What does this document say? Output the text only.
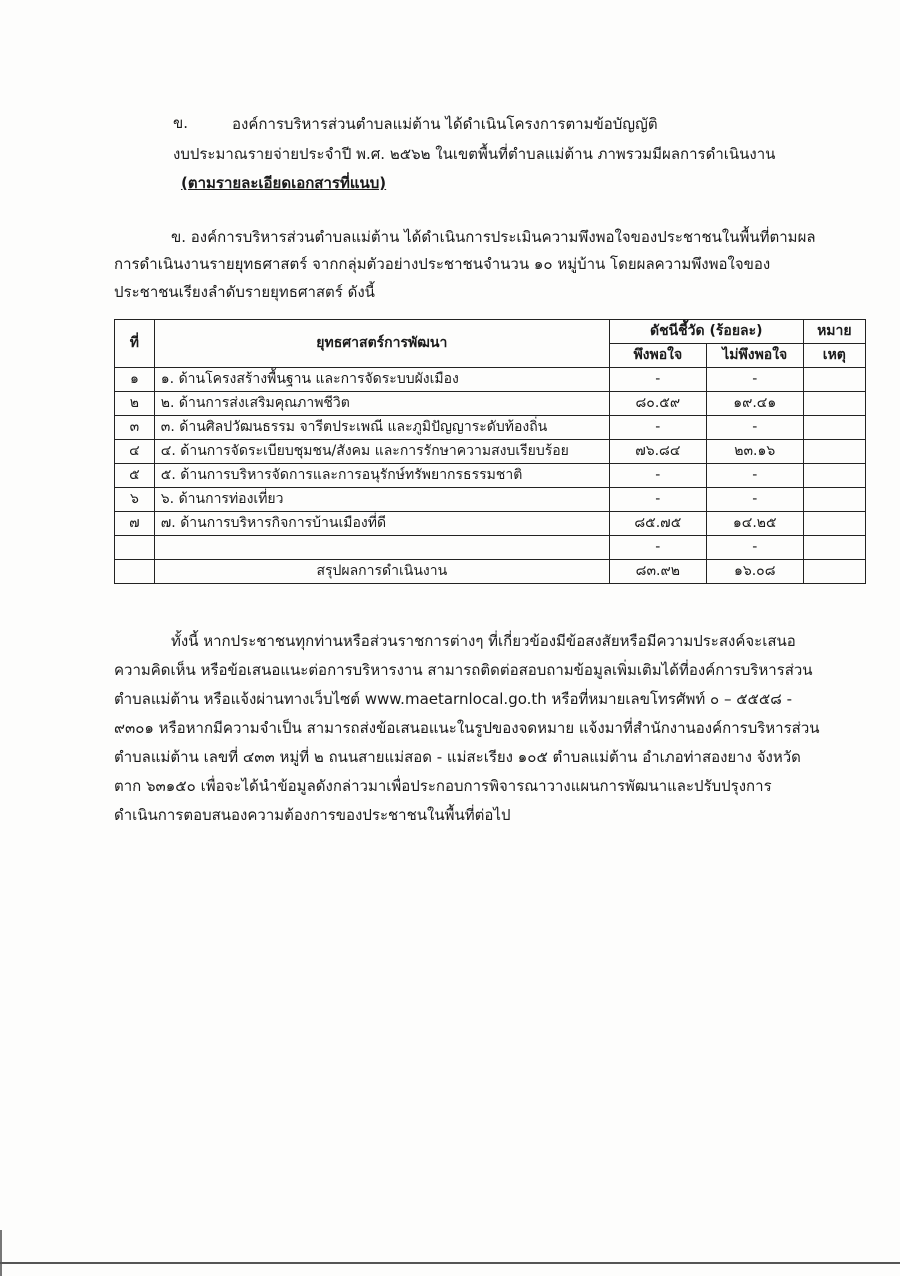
ข.	องค์การบริหารส่วนตำบลแม่ต้าน ได้ดำเนินโครงการตามข้อบัญญัติ
งบประมาณรายจ่ายประจำปี พ.ศ. ๒๕๖๒ ในเขตพื้นที่ตำบลแม่ต้าน ภาพรวมมีผลการดำเนินงาน
(ตามรายละเอียดเอกสารที่แนบ)
ข. องค์การบริหารส่วนตำบลแม่ต้าน ได้ดำเนินการประเมินความพึงพอใจของประชาชนในพื้นที่ตามผล
การดำเนินงานรายยุทธศาสตร์ จากกลุ่มตัวอย่างประชาชนจำนวน ๑๐ หมู่บ้าน โดยผลความพึงพอใจของ
ประชาชนเรียงลำดับรายยุทธศาสตร์ ดังนี้
ที่	ยุทธศาสตร์การพัฒนา	ดัชนีชี้วัด (ร้อยละ)		หมาย
		พึงพอใจ	ไม่พึงพอใจ	เหตุ
๑	๑. ด้านโครงสร้างพื้นฐาน และการจัดระบบผังเมือง	-	-	
๒	๒. ด้านการส่งเสริมคุณภาพชีวิต	๘๐.๕๙	๑๙.๔๑	
๓	๓. ด้านศิลปวัฒนธรรม จารีตประเพณี และภูมิปัญญาระดับท้องถิ่น	-	-	
๔	๔. ด้านการจัดระเบียบชุมชน/สังคม และการรักษาความสงบเรียบร้อย	๗๖.๘๔	๒๓.๑๖	
๕	๕. ด้านการบริหารจัดการและการอนุรักษ์ทรัพยากรธรรมชาติ	-	-	
๖	๖. ด้านการท่องเที่ยว	-	-	
๗	๗. ด้านการบริหารกิจการบ้านเมืองที่ดี	๘๕.๗๕	๑๔.๒๕	
		-	-	
	สรุปผลการดำเนินงาน	๘๓.๙๒	๑๖.๐๘	
ทั้งนี้ หากประชาชนทุกท่านหรือส่วนราชการต่างๆ ที่เกี่ยวข้องมีข้อสงสัยหรือมีความประสงค์จะเสนอ
ความคิดเห็น หรือข้อเสนอแนะต่อการบริหารงาน สามารถติดต่อสอบถามข้อมูลเพิ่มเติมได้ที่องค์การบริหารส่วน
ตำบลแม่ต้าน หรือแจ้งผ่านทางเว็บไซต์ www.maetarnlocal.go.th หรือที่หมายเลขโทรศัพท์ ๐ – ๕๕๕๘ -
๙๓๐๑ หรือหากมีความจำเป็น สามารถส่งข้อเสนอแนะในรูปของจดหมาย แจ้งมาที่สำนักงานองค์การบริหารส่วน
ตำบลแม่ต้าน เลขที่ ๔๓๓ หมู่ที่ ๒ ถนนสายแม่สอด - แม่สะเรียง ๑๐๕ ตำบลแม่ต้าน อำเภอท่าสองยาง จังหวัด
ตาก ๖๓๑๕๐ เพื่อจะได้นำข้อมูลดังกล่าวมาเพื่อประกอบการพิจารณาวางแผนการพัฒนาและปรับปรุงการ
ดำเนินการตอบสนองความต้องการของประชาชนในพื้นที่ต่อไป
